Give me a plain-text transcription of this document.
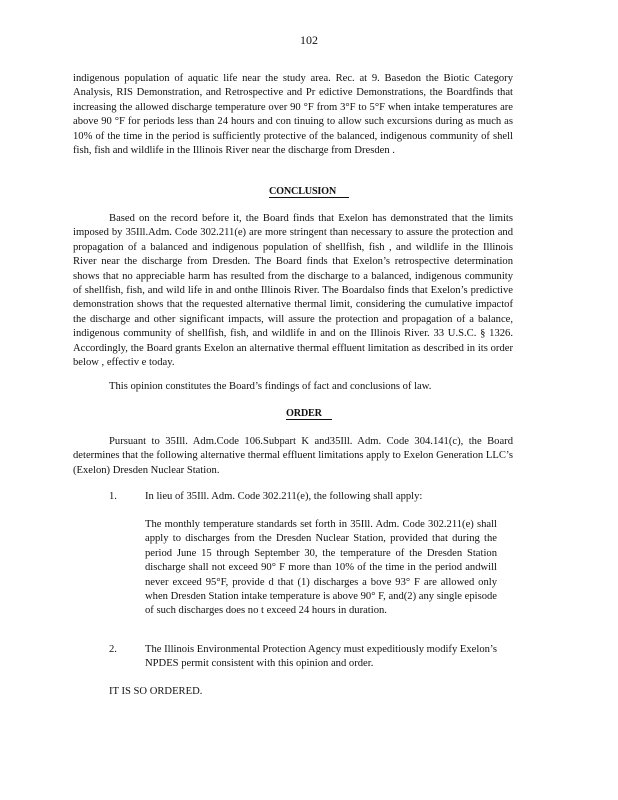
102

indigenous population of aquatic life near the study area. Rec. at 9. Basedon the Biotic Category Analysis, RIS Demonstration, and Retrospective and Pr edictive Demonstrations, the Boardfinds that increasing the allowed discharge temperature over 90 °F from 3°F to 5°F when intake temperatures are above 90 °F for periods less than 24 hours and con tinuing to allow such excursions during as much as 10% of the time in the period is sufficiently protective of the balanced, indigenous community of shell fish, fish and wildlife in the Illinois River near the discharge from Dresden .

CONCLUSION

Based on the record before it, the Board finds that Exelon has demonstrated that the limits imposed by 35Ill.Adm. Code 302.211(e) are more stringent than necessary to assure the protection and propagation of a balanced and indigenous population of shellfish, fish , and wildlife in the Illinois River near the discharge from Dresden. The Board finds that Exelon’s retrospective determination shows that no appreciable harm has resulted from the discharge to a balanced, indigenous community of shellfish, fish, and wild life in and onthe Illinois River. The Boardalso finds that Exelon’s predictive demonstration shows that the requested alternative thermal limit, considering the cumulative impactof the discharge and other significant impacts, will assure the protection and propagation of a balance, indigenous community of shellfish, fish, and wildlife in and on the Illinois River. 33 U.S.C. § 1326. Accordingly, the Board grants Exelon an alternative thermal effluent limitation as described in its order below , effectiv e today.

This opinion constitutes the Board’s findings of fact and conclusions of law.

ORDER

Pursuant to 35Ill. Adm.Code 106.Subpart K and35Ill. Adm. Code 304.141(c), the Board determines that the following alternative thermal effluent limitations apply to Exelon Generation LLC’s (Exelon) Dresden Nuclear Station.

1.	In lieu of 35Ill. Adm. Code 302.211(e), the following shall apply:

The monthly temperature standards set forth in 35Ill. Adm. Code 302.211(e) shall apply to discharges from the Dresden Nuclear Station, provided that during the period June 15 through September 30, the temperature of the Dresden Station discharge shall not exceed 90° F more than 10% of the time in the period andwill never exceed 95°F, provide d that (1) discharges a bove 93° F are allowed only when Dresden Station intake temperature is above 90° F, and(2) any single episode of such discharges does no t exceed 24 hours in duration.

2.	The Illinois Environmental Protection Agency must expeditiously modify Exelon’s NPDES permit consistent with this opinion and order.

IT IS SO ORDERED.
